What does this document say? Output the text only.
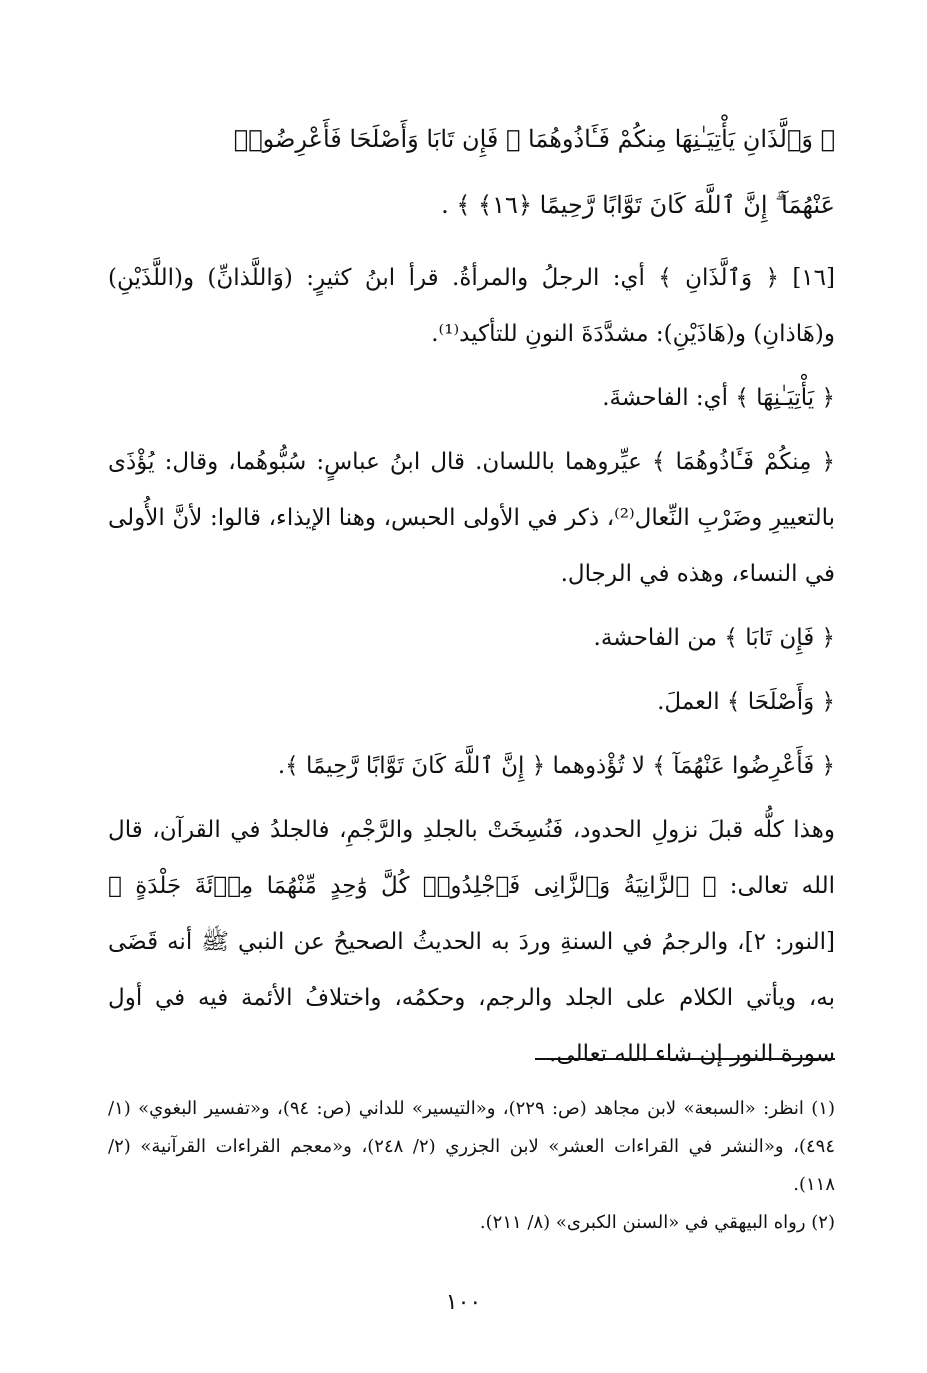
﴿ وَٱلَّذَانِ يَأْتِيَـٰنِهَا مِنكُمْ فَـَٔاذُوهُمَا ۖ فَإِن تَابَا وَأَصْلَحَا فَأَعْرِضُوا۟
عَنْهُمَآ ۗ إِنَّ ٱللَّهَ كَانَ تَوَّابًا رَّحِيمًا ﴿١٦﴾ ﴾ .

[١٦] ﴿ وَٱلَّذَانِ ﴾ أي: الرجلُ والمرأةُ. قرأ ابنُ كثيرٍ: (وَاللَّذانِّ) و(اللَّذَيْنِ) و(هَاذانِ) و(هَاذَيْنِ): مشدَّدَةَ النونِ للتأكيد⁽¹⁾.

﴿ يَأْتِيَـٰنِهَا ﴾ أي: الفاحشةَ.

﴿ مِنكُمْ فَـَٔاذُوهُمَا ﴾ عيِّروهما باللسان. قال ابنُ عباسٍ: سُبُّوهُما، وقال: يُؤْذَى بالتعييرِ وضَرْبِ النِّعال⁽²⁾، ذكر في الأولى الحبس، وهنا الإيذاء، قالوا: لأنَّ الأُولى في النساء، وهذه في الرجال.

﴿ فَإِن تَابَا ﴾ من الفاحشة.

﴿ وَأَصْلَحَا ﴾ العملَ.

﴿ فَأَعْرِضُوا عَنْهُمَآ ﴾ لا تُؤْذوهما ﴿ إِنَّ ٱللَّهَ كَانَ تَوَّابًا رَّحِيمًا ﴾.

وهذا كلُّه قبلَ نزولِ الحدود، فَنُسِخَتْ بالجلدِ والرَّجْمِ، فالجلدُ في القرآن، قال الله تعالى: ﴿ ٱلزَّانِيَةُ وَٱلزَّانِى فَٱجْلِدُوا۟ كُلَّ وَٰحِدٍ مِّنْهُمَا مِا۟ئَةَ جَلْدَةٍ ﴾ [النور: ٢]، والرجمُ في السنةِ وردَ به الحديثُ الصحيحُ عن النبي ﷺ أنه قَضَى به، ويأتي الكلام على الجلد والرجم، وحكمُه، واختلافُ الأئمة فيه في أول سورة النور إن شاء الله تعالى.

(١) انظر: «السبعة» لابن مجاهد (ص: ٢٢٩)، و«التيسير» للداني (ص: ٩٤)، و«تفسير البغوي» (١/ ٤٩٤)، و«النشر في القراءات العشر» لابن الجزري (٢/ ٢٤٨)، و«معجم القراءات القرآنية» (٢/ ١١٨).

(٢) رواه البيهقي في «السنن الكبرى» (٨/ ٢١١).

١٠٠
